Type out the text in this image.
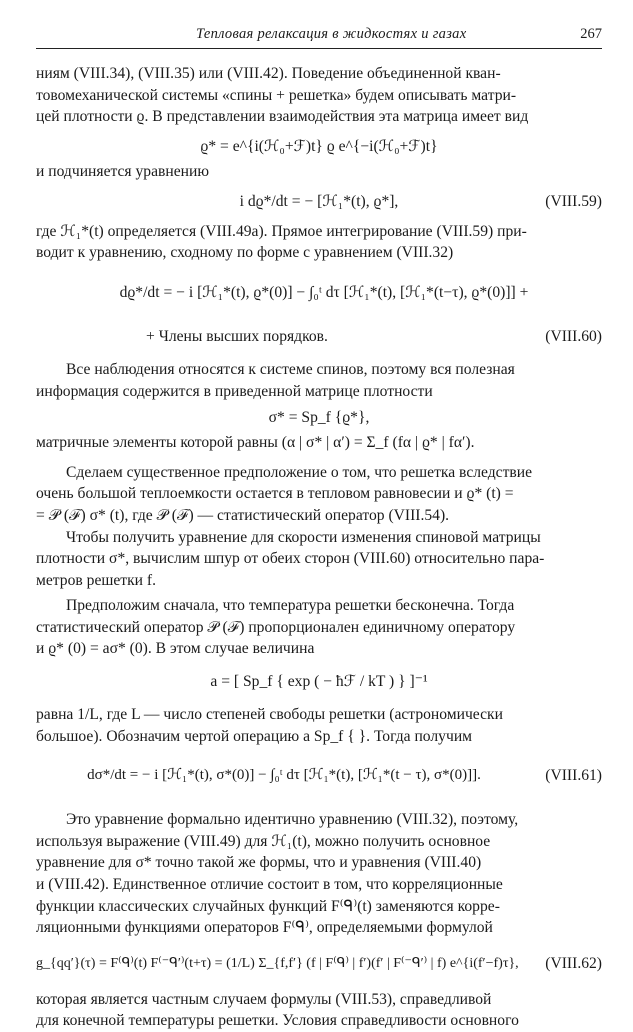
Тепловая релаксация в жидкостях и газах	267

ниям (VIII.34), (VIII.35) или (VIII.42). Поведение объединенной кван-

товомеханической системы «спины + решетка» будем описывать матри-

цей плотности ϱ. В представлении взаимодействия эта матрица имеет вид

ϱ* = e^{i(ℋ₀+ℱ)t} ϱ e^{−i(ℋ₀+ℱ)t}

и подчиняется уравнению

i dϱ*/dt = − [ℋ₁*(t), ϱ*],	(VIII.59)

где ℋ₁*(t) определяется (VIII.49a). Прямое интегрирование (VIII.59) при-

водит к уравнению, сходному по форме с уравнением (VIII.32)

dϱ*/dt = − i [ℋ₁*(t), ϱ*(0)] − ∫₀ᵗ dτ [ℋ₁*(t), [ℋ₁*(t−τ), ϱ*(0)]] +
+ Члены высших порядков.	(VIII.60)

Все наблюдения относятся к системе спинов, поэтому вся полезная

информация содержится в приведенной матрице плотности

σ* = Sp_f {ϱ*},

матричные элементы которой равны (α | σ* | α′) = Σ_f (fα | ϱ* | fα′).

Сделаем существенное предположение о том, что решетка вследствие

очень большой теплоемкости остается в тепловом равновесии и ϱ* (t) =

= 𝒫 (ℱ) σ* (t), где 𝒫 (ℱ) — статистический оператор (VIII.54).

Чтобы получить уравнение для скорости изменения спиновой матрицы

плотности σ*, вычислим шпур от обеих сторон (VIII.60) относительно пара-

метров решетки f.

Предположим сначала, что температура решетки бесконечна. Тогда

статистический оператор 𝒫 (ℱ) пропорционален единичному оператору

и ϱ* (0) = aσ* (0). В этом случае величина

a = [ Sp_f { exp ( − ħℱ / kT ) } ]⁻¹

равна 1/L, где L — число степеней свободы решетки (астрономически

большое). Обозначим чертой операцию a Sp_f { }. Тогда получим

dσ*/dt = − i [ℋ₁*(t), σ*(0)] − ∫₀ᵗ dτ [ℋ₁*(t), [ℋ₁*(t − τ), σ*(0)]].	(VIII.61)

Это уравнение формально идентично уравнению (VIII.32), поэтому,

используя выражение (VIII.49) для ℋ₁(t), можно получить основное

уравнение для σ* точно такой же формы, что и уравнения (VIII.40)

и (VIII.42). Единственное отличие состоит в том, что корреляционные

функции классических случайных функций F⁽ᑫ⁾(t) заменяются корре-

ляционными функциями операторов F⁽ᑫ⁾, определяемыми формулой

g_{qq′}(τ) = F⁽ᑫ⁾(t) F⁽⁻ᑫ′⁾(t+τ) = (1/L) Σ_{f,f′} (f | F⁽ᑫ⁾ | f′)(f′ | F⁽⁻ᑫ′⁾ | f) e^{i(f′−f)τ}, (VIII.62)

которая является частным случаем формулы (VIII.53), справедливой

для конечной температуры решетки. Условия справедливости основного
